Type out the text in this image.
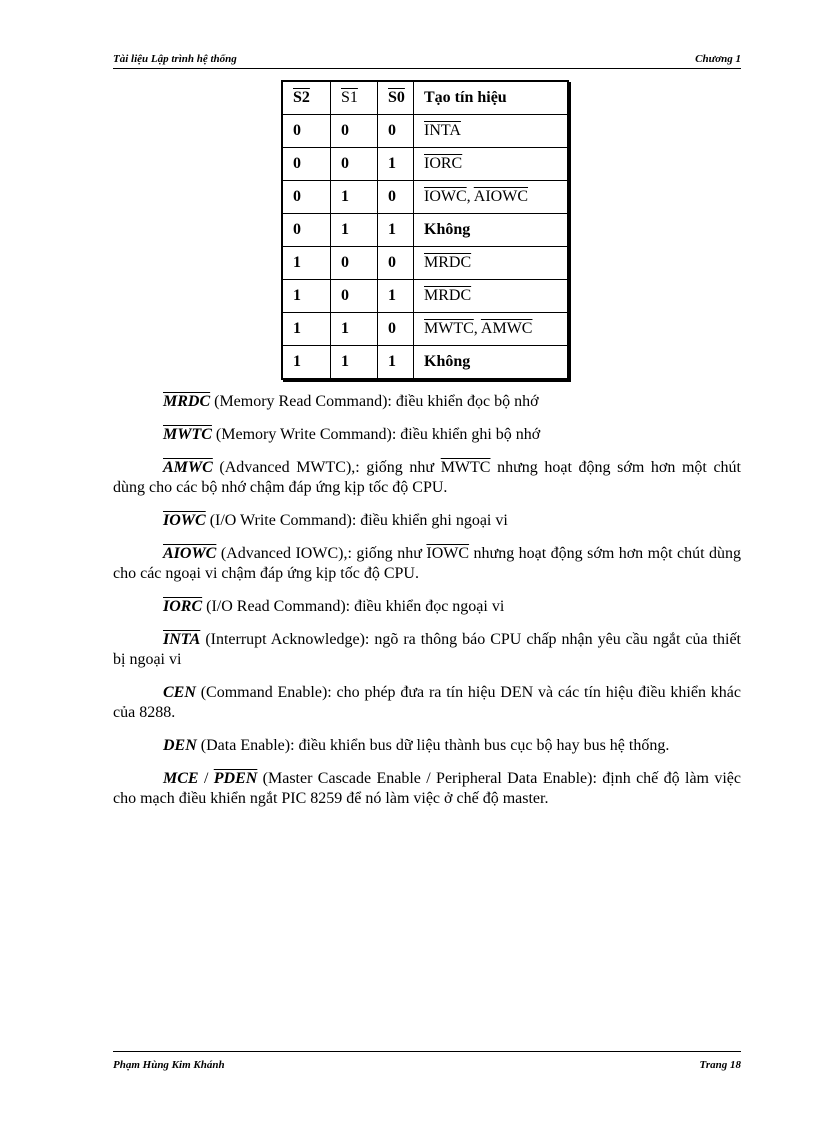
Tài liệu Lập trình hệ thống	Chương 1
S2	S1	S0	Tạo tín hiệu
0	0	0	INTA
0	0	1	IORC
0	1	0	IOWC, AIOWC
0	1	1	Không
1	0	0	MRDC
1	0	1	MRDC
1	1	0	MWTC, AMWC
1	1	1	Không

MRDC (Memory Read Command): điều khiển đọc bộ nhớ

MWTC (Memory Write Command): điều khiển ghi bộ nhớ

AMWC (Advanced MWTC),: giống như MWTC nhưng hoạt động sớm hơn một chút dùng cho các bộ nhớ chậm đáp ứng kịp tốc độ CPU.

IOWC (I/O Write Command): điều khiển ghi ngoại vi

AIOWC (Advanced IOWC),: giống như IOWC nhưng hoạt động sớm hơn một chút dùng cho các ngoại vi chậm đáp ứng kịp tốc độ CPU.

IORC (I/O Read Command): điều khiển đọc ngoại vi

INTA (Interrupt Acknowledge): ngõ ra thông báo CPU chấp nhận yêu cầu ngắt của thiết bị ngoại vi

CEN (Command Enable): cho phép đưa ra tín hiệu DEN và các tín hiệu điều khiển khác của 8288.

DEN (Data Enable): điều khiển bus dữ liệu thành bus cục bộ hay bus hệ thống.

MCE / PDEN (Master Cascade Enable / Peripheral Data Enable): định chế độ làm việc cho mạch điều khiển ngắt PIC 8259 để nó làm việc ở chế độ master.

Phạm Hùng Kim Khánh	Trang 18
